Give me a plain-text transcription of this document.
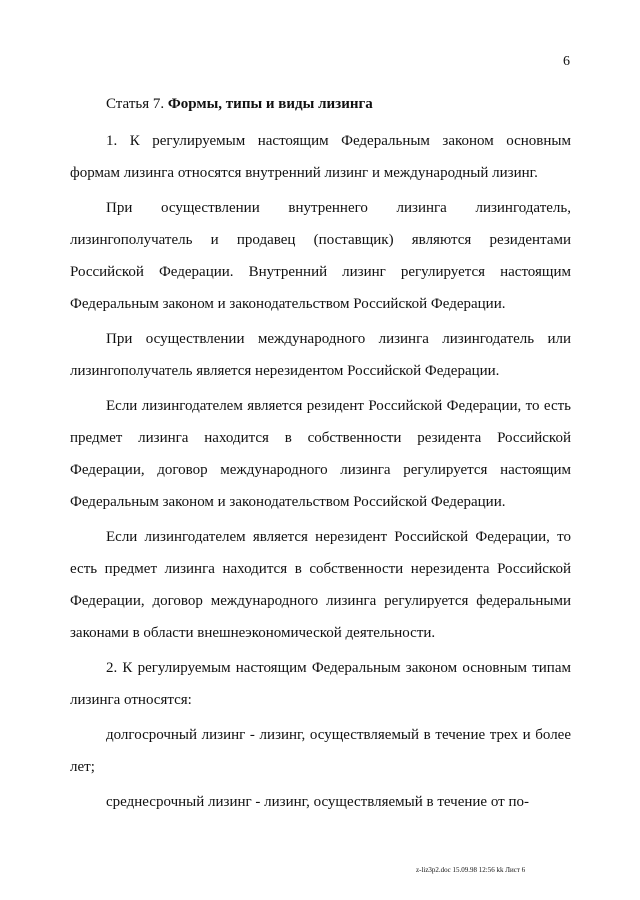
6

Статья 7. Формы, типы и виды лизинга

1. К регулируемым настоящим Федеральным законом основным формам лизинга относятся внутренний лизинг и международный лизинг.

При осуществлении внутреннего лизинга лизингодатель, лизингополучатель и продавец (поставщик) являются резидентами Российской Федерации. Внутренний лизинг регулируется настоящим Федеральным законом и законодательством Российской Федерации.

При осуществлении международного лизинга лизингодатель или лизингополучатель является нерезидентом Российской Федерации.

Если лизингодателем является резидент Российской Федерации, то есть предмет лизинга находится в собственности резидента Российской Федерации, договор международного лизинга регулируется настоящим Федеральным законом и законодательством Российской Федерации.

Если лизингодателем является нерезидент Российской Федерации, то есть предмет лизинга находится в собственности нерезидента Российской Федерации, договор международного лизинга регулируется федеральными законами в области внешнеэкономической деятельности.

2. К регулируемым настоящим Федеральным законом основным типам лизинга относятся:

долгосрочный лизинг - лизинг, осуществляемый в течение трех и более лет;

среднесрочный лизинг - лизинг, осуществляемый в течение от по-

z-liz3p2.doc 15.09.98 12:56 kk Лист 6
